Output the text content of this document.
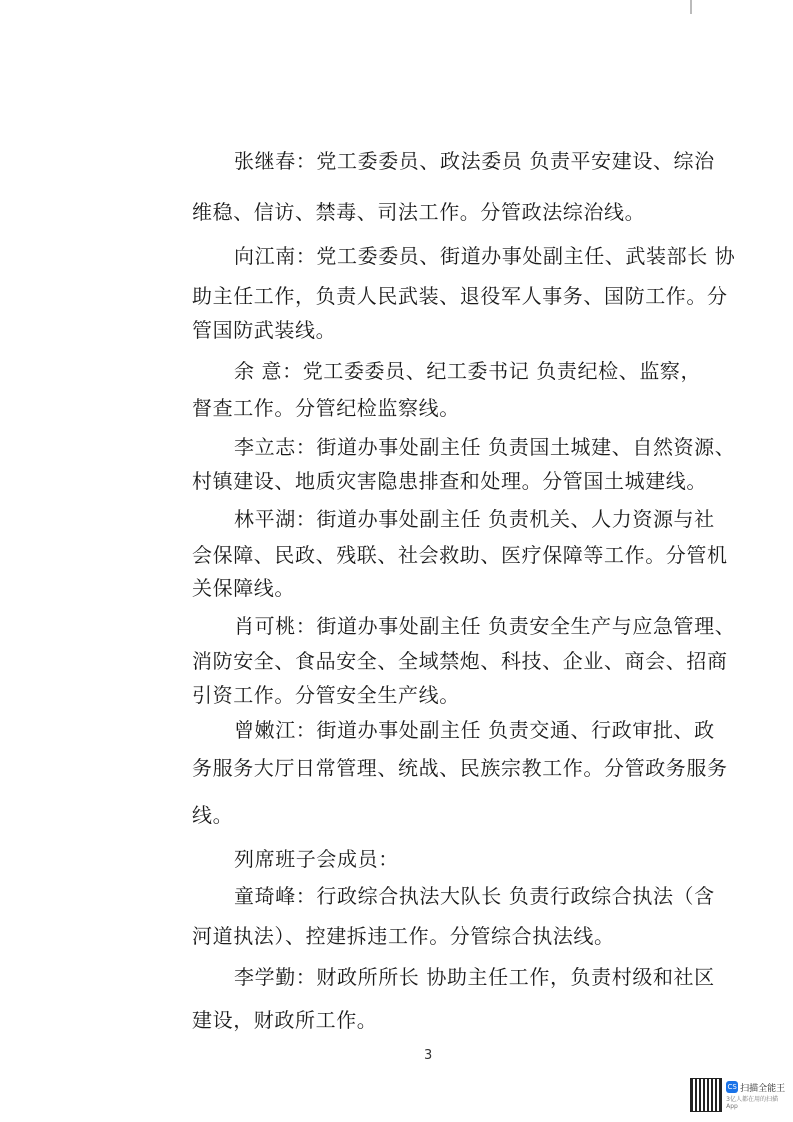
张继春：党工委委员、政法委员 负责平安建设、综治
维稳、信访、禁毒、司法工作。分管政法综治线。
向江南：党工委委员、街道办事处副主任、武装部长 协
助主任工作，负责人民武装、退役军人事务、国防工作。分
管国防武装线。
余 意：党工委委员、纪工委书记 负责纪检、监察，
督查工作。分管纪检监察线。
李立志：街道办事处副主任 负责国土城建、自然资源、
村镇建设、地质灾害隐患排查和处理。分管国土城建线。
林平湖：街道办事处副主任 负责机关、人力资源与社
会保障、民政、残联、社会救助、医疗保障等工作。分管机
关保障线。
肖可桃：街道办事处副主任 负责安全生产与应急管理、
消防安全、食品安全、全域禁炮、科技、企业、商会、招商
引资工作。分管安全生产线。
曾嫩江：街道办事处副主任 负责交通、行政审批、政
务服务大厅日常管理、统战、民族宗教工作。分管政务服务
线。
列席班子会成员：
童琦峰：行政综合执法大队长 负责行政综合执法（含
河道执法）、控建拆违工作。分管综合执法线。
李学勤：财政所所长 协助主任工作，负责村级和社区
建设，财政所工作。
3
CS 扫描全能王
3亿人都在用的扫描App
